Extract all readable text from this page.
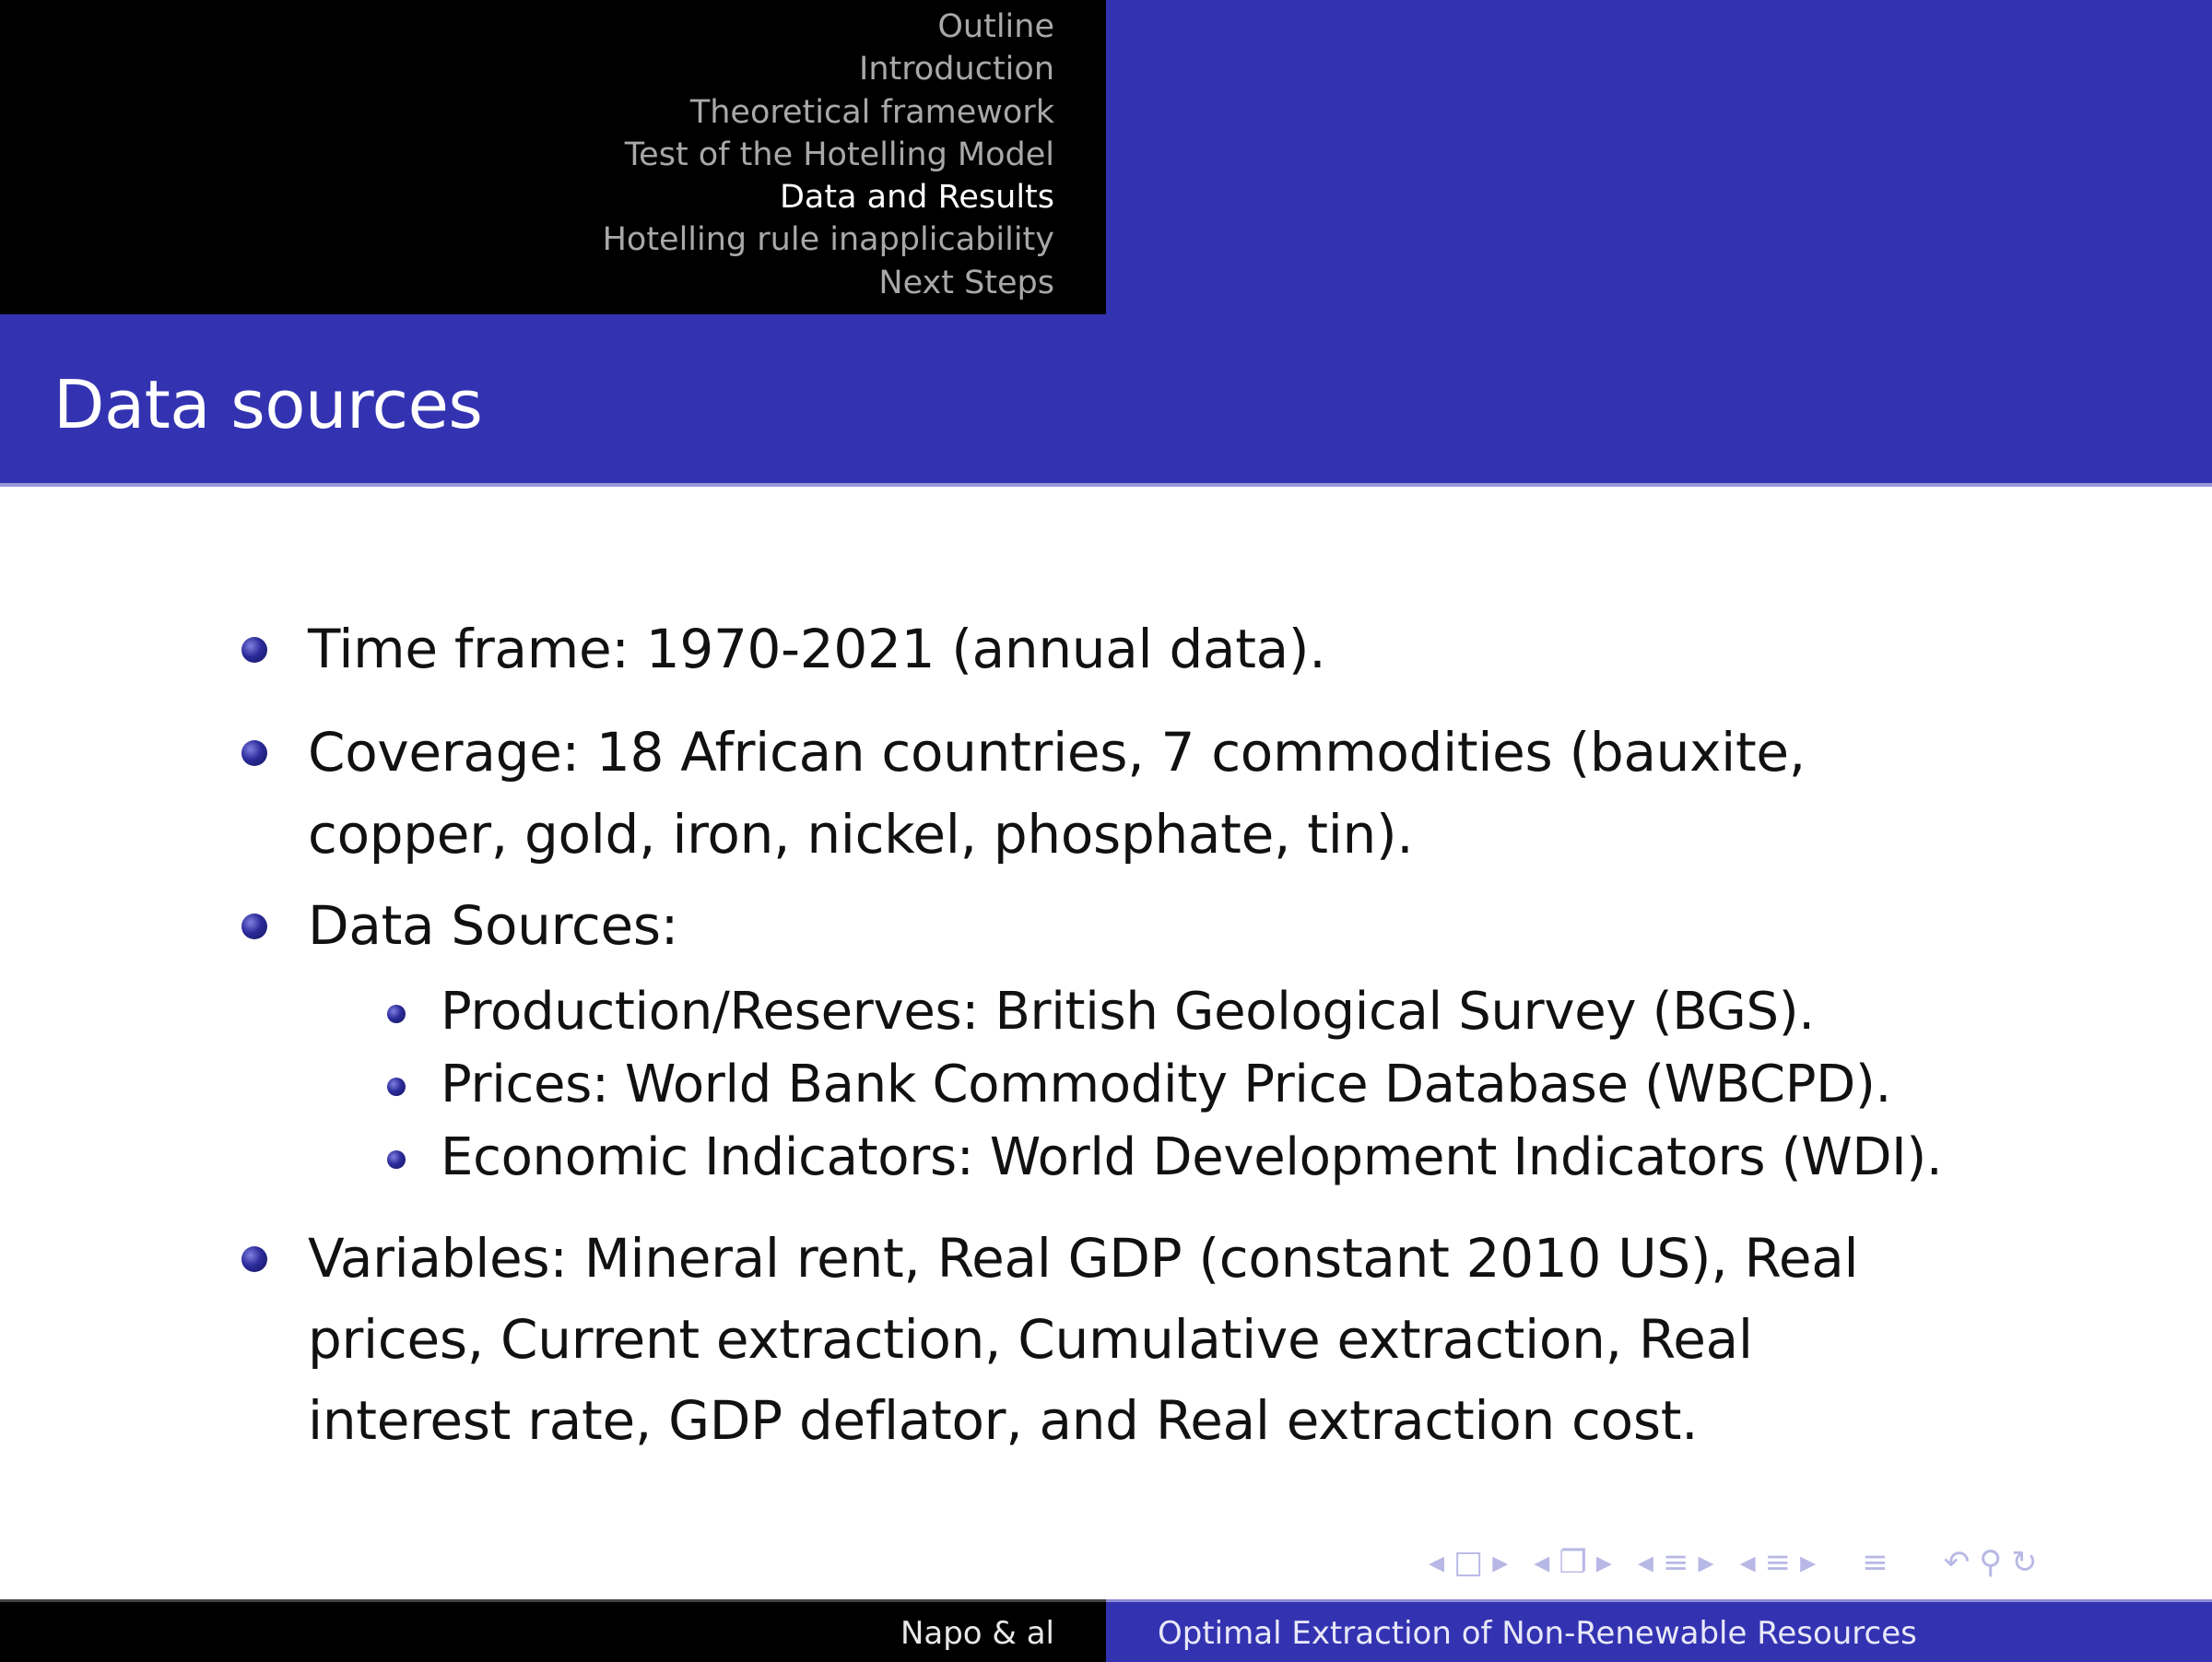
Outline
Introduction
Theoretical framework
Test of the Hotelling Model
Data and Results
Hotelling rule inapplicability
Next Steps
Data sources
Time frame: 1970-2021 (annual data).
Coverage: 18 African countries, 7 commodities (bauxite,
copper, gold, iron, nickel, phosphate, tin).
Data Sources:
Production/Reserves: British Geological Survey (BGS).
Prices: World Bank Commodity Price Database (WBCPD).
Economic Indicators: World Development Indicators (WDI).
Variables: Mineral rent, Real GDP (constant 2010 US), Real
prices, Current extraction, Cumulative extraction, Real
interest rate, GDP deflator, and Real extraction cost.
◂ □ ▸ ◂ ❐ ▸ ◂ ≡ ▸ ◂ ≡ ▸ ≡ ↶ ⚲ ↻
Napo & al	Optimal Extraction of Non-Renewable Resources
